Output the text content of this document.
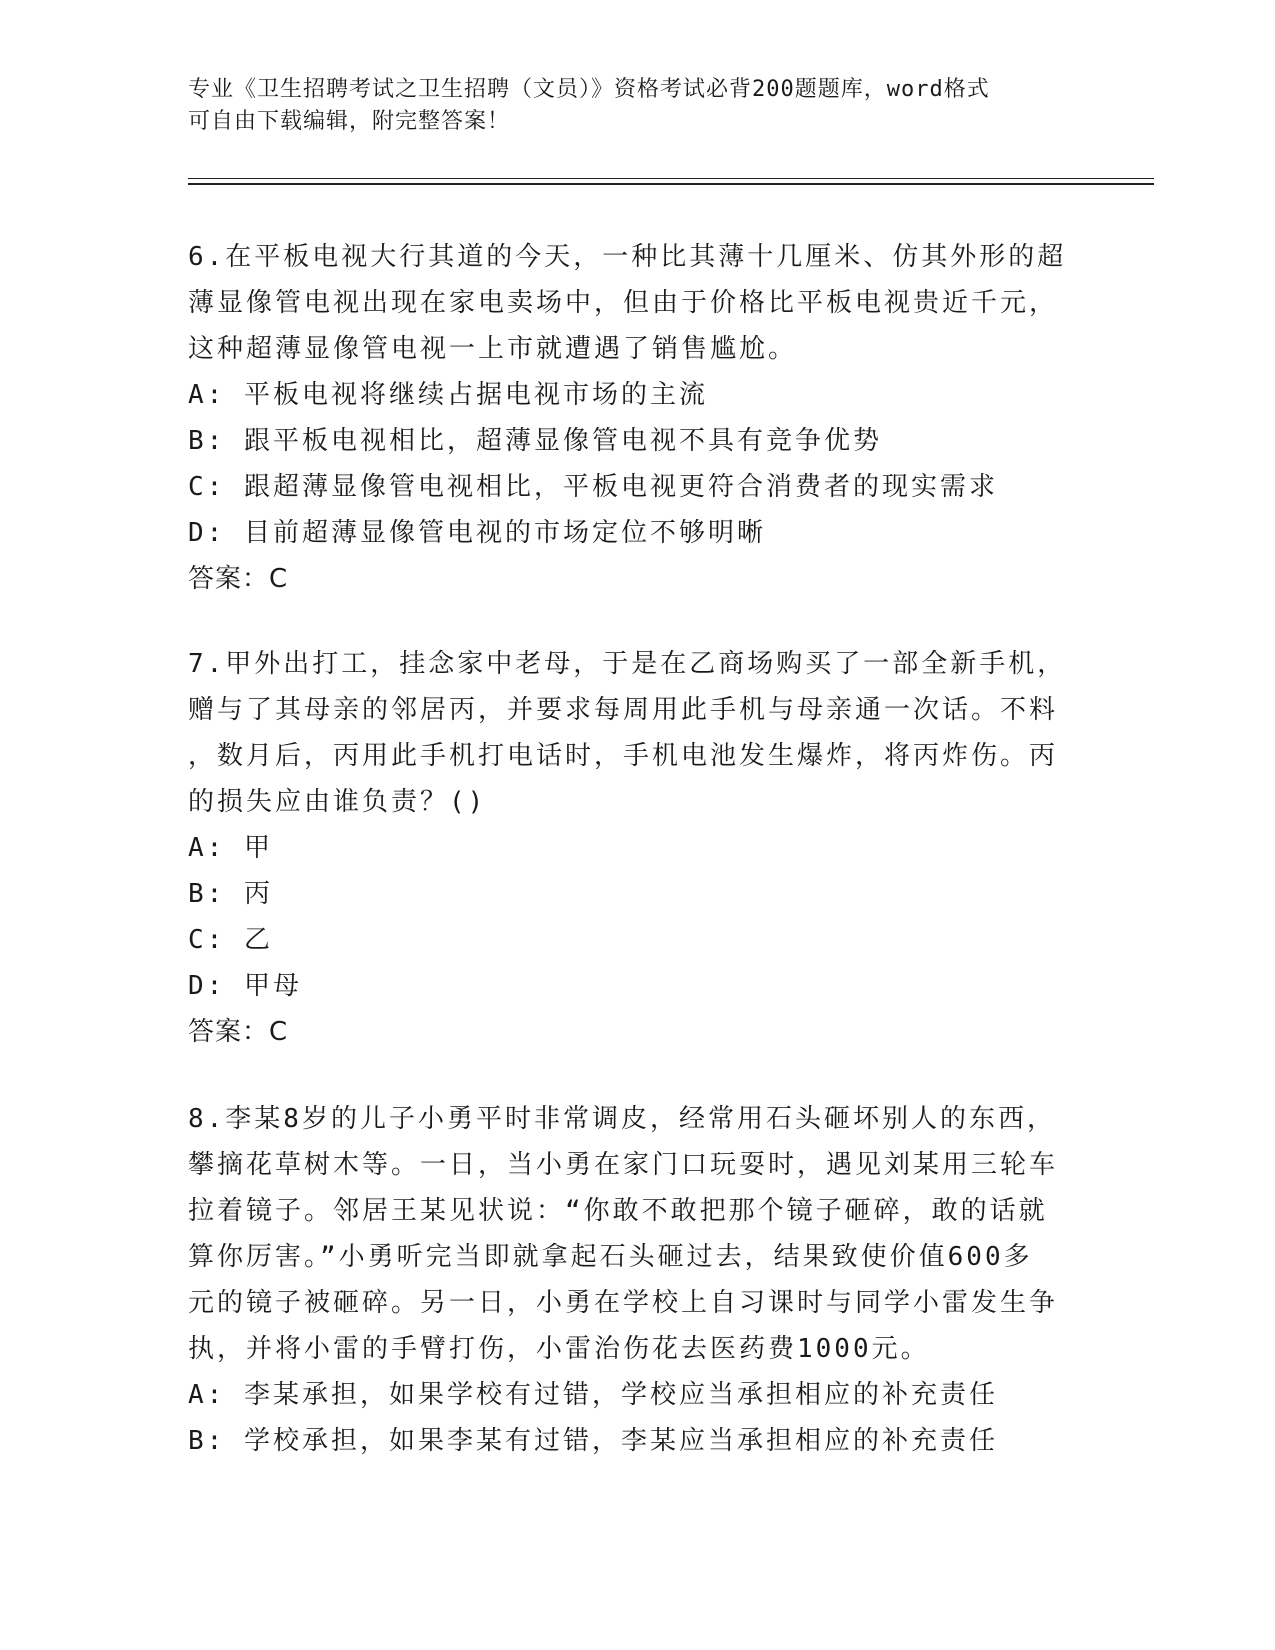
专业《卫生招聘考试之卫生招聘（文员）》资格考试必背200题题库，word格式
可自由下载编辑，附完整答案！
6.在平板电视大行其道的今天，一种比其薄十几厘米、仿其外形的超
薄显像管电视出现在家电卖场中，但由于价格比平板电视贵近千元，
这种超薄显像管电视一上市就遭遇了销售尴尬。
A: 平板电视将继续占据电视市场的主流
B: 跟平板电视相比，超薄显像管电视不具有竞争优势
C: 跟超薄显像管电视相比，平板电视更符合消费者的现实需求
D: 目前超薄显像管电视的市场定位不够明晰
答案：C
7.甲外出打工，挂念家中老母，于是在乙商场购买了一部全新手机，
赠与了其母亲的邻居丙，并要求每周用此手机与母亲通一次话。不料
，数月后，丙用此手机打电话时，手机电池发生爆炸，将丙炸伤。丙
的损失应由谁负责？()
A: 甲
B: 丙
C: 乙
D: 甲母
答案：C
8.李某8岁的儿子小勇平时非常调皮，经常用石头砸坏别人的东西，
攀摘花草树木等。一日，当小勇在家门口玩耍时，遇见刘某用三轮车
拉着镜子。邻居王某见状说：“你敢不敢把那个镜子砸碎，敢的话就
算你厉害。”小勇听完当即就拿起石头砸过去，结果致使价值600多
元的镜子被砸碎。另一日，小勇在学校上自习课时与同学小雷发生争
执，并将小雷的手臂打伤，小雷治伤花去医药费1000元。
A: 李某承担，如果学校有过错，学校应当承担相应的补充责任
B: 学校承担，如果李某有过错，李某应当承担相应的补充责任
